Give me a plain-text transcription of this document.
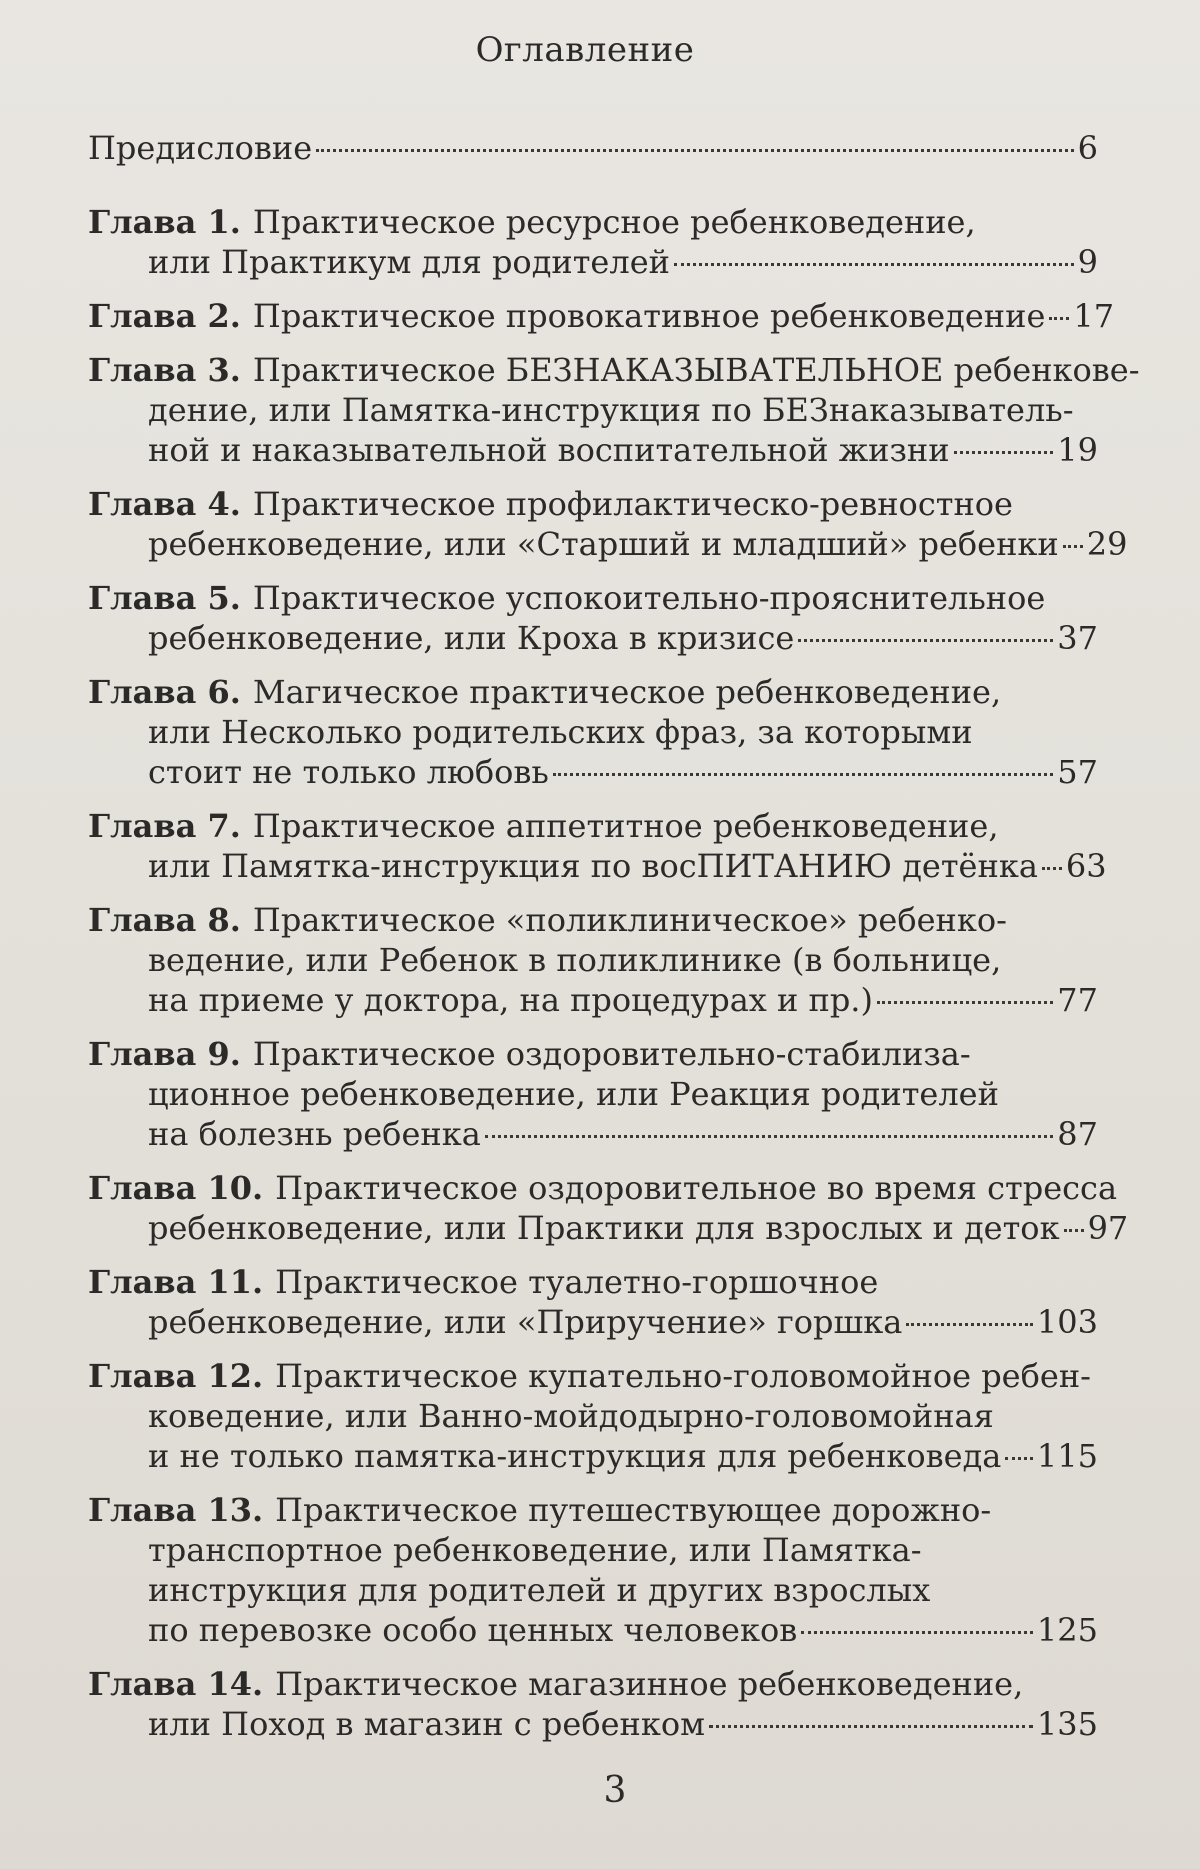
Оглавление
Предисловие	6
Глава 1. Практическое ресурсное ребенковедение,
или Практикум для родителей	9
Глава 2. Практическое провокативное ребенковедение 17
Глава 3. Практическое БЕЗНАКАЗЫВАТЕЛЬНОЕ ребенкове-
дение, или Памятка-инструкция по БЕЗнаказыватель-
ной и наказывательной воспитательной жизни	19
Глава 4. Практическое профилактическо-ревностное
ребенковедение, или «Старший и младший» ребенки 29
Глава 5. Практическое успокоительно-прояснительное
ребенковедение, или Кроха в кризисе	37
Глава 6. Магическое практическое ребенковедение,
или Несколько родительских фраз, за которыми
стоит не только любовь	57
Глава 7. Практическое аппетитное ребенковедение,
или Памятка-инструкция по восПИТАНИЮ детёнка 63
Глава 8. Практическое «поликлиническое» ребенко-
ведение, или Ребенок в поликлинике (в больнице,
на приеме у доктора, на процедурах и пр.)	77
Глава 9. Практическое оздоровительно-стабилиза-
ционное ребенковедение, или Реакция родителей
на болезнь ребенка	87
Глава 10. Практическое оздоровительное во время стресса
ребенковедение, или Практики для взрослых и деток 97
Глава 11. Практическое туалетно-горшочное
ребенковедение, или «Приручение» горшка	103
Глава 12. Практическое купательно-головомойное ребен-
коведение, или Ванно-мойдодырно-головомойная
и не только памятка-инструкция для ребенковеда 115
Глава 13. Практическое путешествующее дорожно-
транспортное ребенковедение, или Памятка-
инструкция для родителей и других взрослых
по перевозке особо ценных человеков	125
Глава 14. Практическое магазинное ребенковедение,
или Поход в магазин с ребенком	135
3
